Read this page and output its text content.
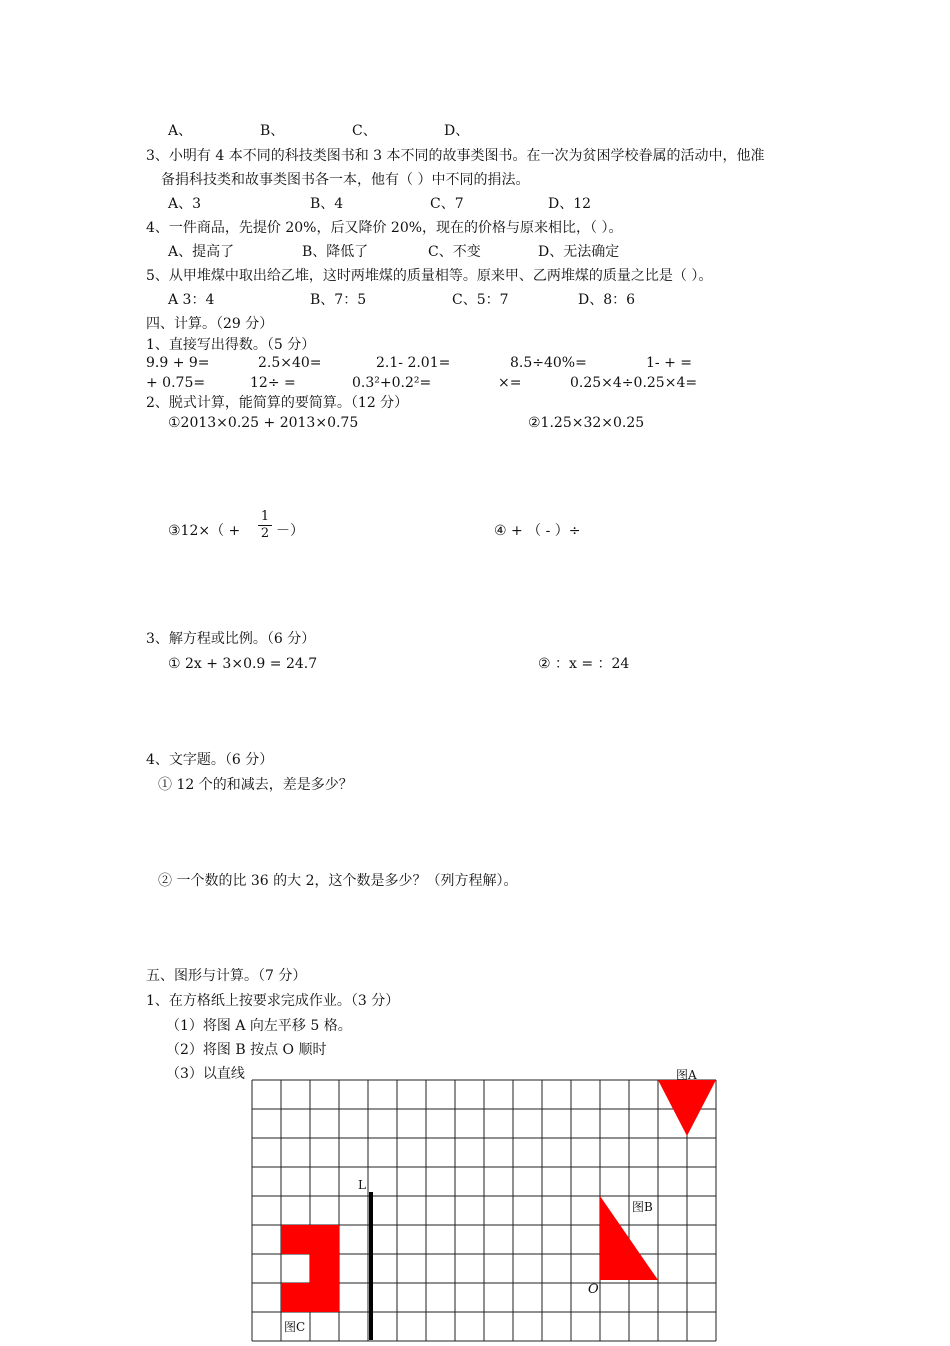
A、	B、	C、	D、
3、小明有 4 本不同的科技类图书和 3 本不同的故事类图书。在一次为贫困学校眷属的活动中，他准
备捐科技类和故事类图书各一本，他有（ ）中不同的捐法。
A、3	B、4	C、7	D、12
4、一件商品，先提价 20%，后又降价 20%，现在的价格与原来相比，（ ）。
A、提高了	B、降低了	C、不变	D、无法确定
5、从甲堆煤中取出给乙堆，这时两堆煤的质量相等。原来甲、乙两堆煤的质量之比是（ ）。
A 3：4	B、7：5	C、5：7	D、8：6
四、计算。（29 分）
1、直接写出得数。（5 分）
9.9 + 9=	2.5×40=	2.1- 2.01=	8.5÷40%=	1- + =
+ 0.75=	12÷ =	0.3²+0.2²=	×=	0.25×4÷0.25×4=
2、脱式计算，能简算的要简算。（12 分）
①2013×0.25 + 2013×0.75	②1.25×32×0.25
③12×（ +
1
2 －）	④ + （ - ）÷
3、解方程或比例。（6 分）
① 2x + 3×0.9 = 24.7	② ：x = ：24
4、文字题。（6 分）
① 12 个的和减去，差是多少？
② 一个数的比 36 的大 2，这个数是多少？（列方程解）。
五、图形与计算。（7 分）
1、在方格纸上按要求完成作业。（3 分）
（1）将图 A 向左平移 5 格。
（2）将图 B 按点 O 顺时
（3）以直线	图A
图B
图C
L
O
